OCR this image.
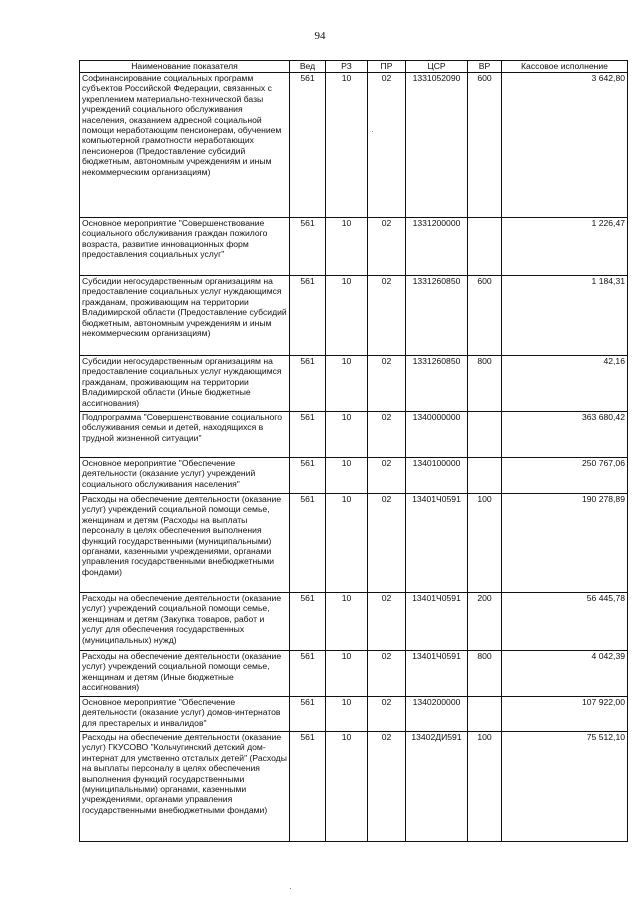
94
Наименование показателя	Вед	РЗ	ПР	ЦСР	ВР	Кассовое исполнение
Софинансирование социальных программ субъектов Российской Федерации, связанных с укреплением материально-технической базы учреждений социального обслуживания населения, оказанием адресной социальной помощи неработающим пенсионерам, обучением компьютерной грамотности неработающих пенсионеров (Предоставление субсидий бюджетным, автономным учреждениям и иным некоммерческим организациям)	561	10	02	1331052090	600	3 642,80
Основное мероприятие "Совершенствование социального обслуживания граждан пожилого возраста, развитие инновационных форм предоставления социальных услуг"	561	10	02	1331200000		1 226,47
Субсидии негосударственным организациям на предоставление социальных услуг нуждающимся гражданам, проживающим на территории Владимирской области (Предоставление субсидий бюджетным, автономным учреждениям и иным некоммерческим организациям)	561	10	02	1331260850	600	1 184,31
Субсидии негосударственным организациям на предоставление социальных услуг нуждающимся гражданам, проживающим на территории Владимирской области (Иные бюджетные ассигнования)	561	10	02	1331260850	800	42,16
Подпрограмма "Совершенствование социального обслуживания семьи и детей, находящихся в трудной жизненной ситуации"	561	10	02	1340000000		363 680,42
Основное мероприятие "Обеспечение деятельности (оказание услуг) учреждений социального обслуживания населения"	561	10	02	1340100000		250 767,06
Расходы на обеспечение деятельности (оказание услуг) учреждений социальной помощи семье, женщинам и детям (Расходы на выплаты персоналу в целях обеспечения выполнения функций государственными (муниципальными) органами, казенными учреждениями, органами управления государственными внебюджетными фондами)	561	10	02	13401Ч0591	100	190 278,89
Расходы на обеспечение деятельности (оказание услуг) учреждений социальной помощи семье, женщинам и детям (Закупка товаров, работ и услуг для обеспечения государственных (муниципальных) нужд)	561	10	02	13401Ч0591	200	56 445,78
Расходы на обеспечение деятельности (оказание услуг) учреждений социальной помощи семье, женщинам и детям (Иные бюджетные ассигнования)	561	10	02	13401Ч0591	800	4 042,39
Основное мероприятие "Обеспечение деятельности (оказание услуг) домов-интернатов для престарелых и инвалидов"	561	10	02	1340200000		107 922,00
Расходы на обеспечение деятельности (оказание услуг) ГКУСОВО "Кольчугинский детский дом-интернат для умственно отсталых детей" (Расходы на выплаты персоналу в целях обеспечения выполнения функций государственными (муниципальными) органами, казенными учреждениями, органами управления государственными внебюджетными фондами)	561	10	02	13402ДИ591	100	75 512,10
